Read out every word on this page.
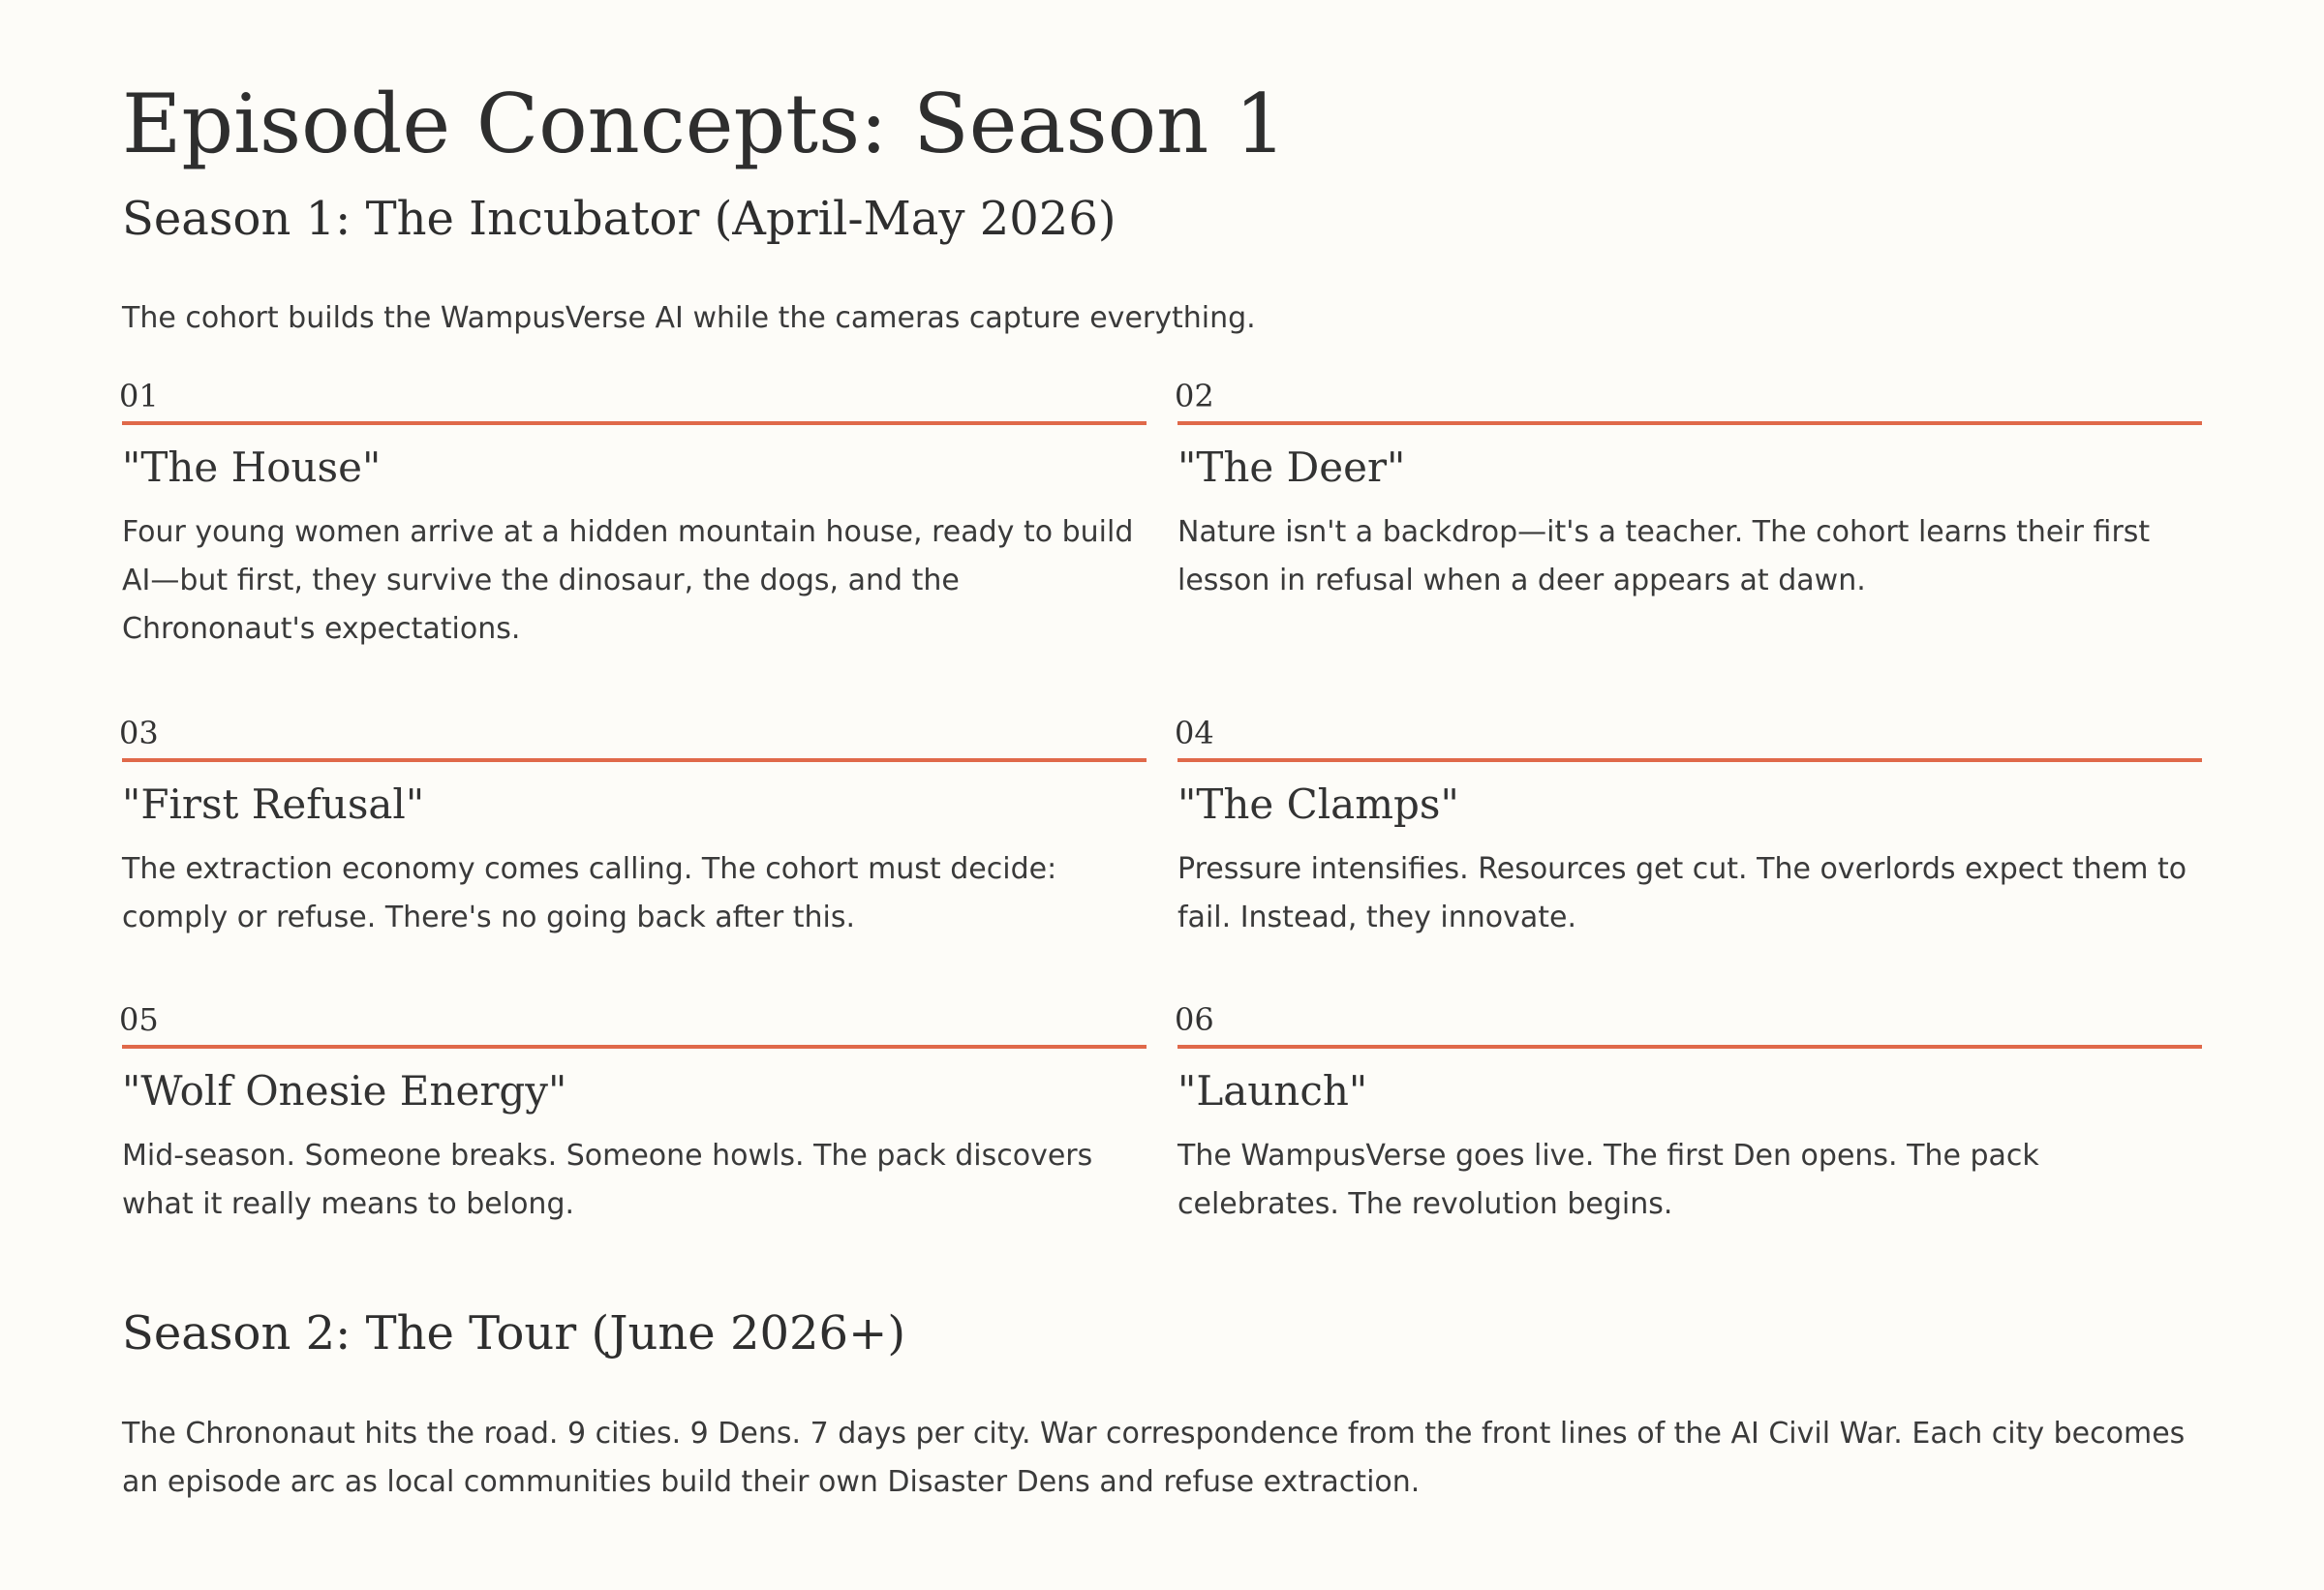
Episode Concepts: Season 1
Season 1: The Incubator (April-May 2026)

The cohort builds the WampusVerse AI while the cameras capture everything.

01
"The House"

Four young women arrive at a hidden mountain house, ready to build AI—but first, they survive the dinosaur, the dogs, and the Chrononaut's expectations.

02
"The Deer"

Nature isn't a backdrop—it's a teacher. The cohort learns their first lesson in refusal when a deer appears at dawn.

03
"First Refusal"

The extraction economy comes calling. The cohort must decide: comply or refuse. There's no going back after this.

04
"The Clamps"

Pressure intensifies. Resources get cut. The overlords expect them to fail. Instead, they innovate.

05
"Wolf Onesie Energy"

Mid-season. Someone breaks. Someone howls. The pack discovers what it really means to belong.

06
"Launch"

The WampusVerse goes live. The first Den opens. The pack celebrates. The revolution begins.

Season 2: The Tour (June 2026+)

The Chrononaut hits the road. 9 cities. 9 Dens. 7 days per city. War correspondence from the front lines of the AI Civil War. Each city becomes an episode arc as local communities build their own Disaster Dens and refuse extraction.
